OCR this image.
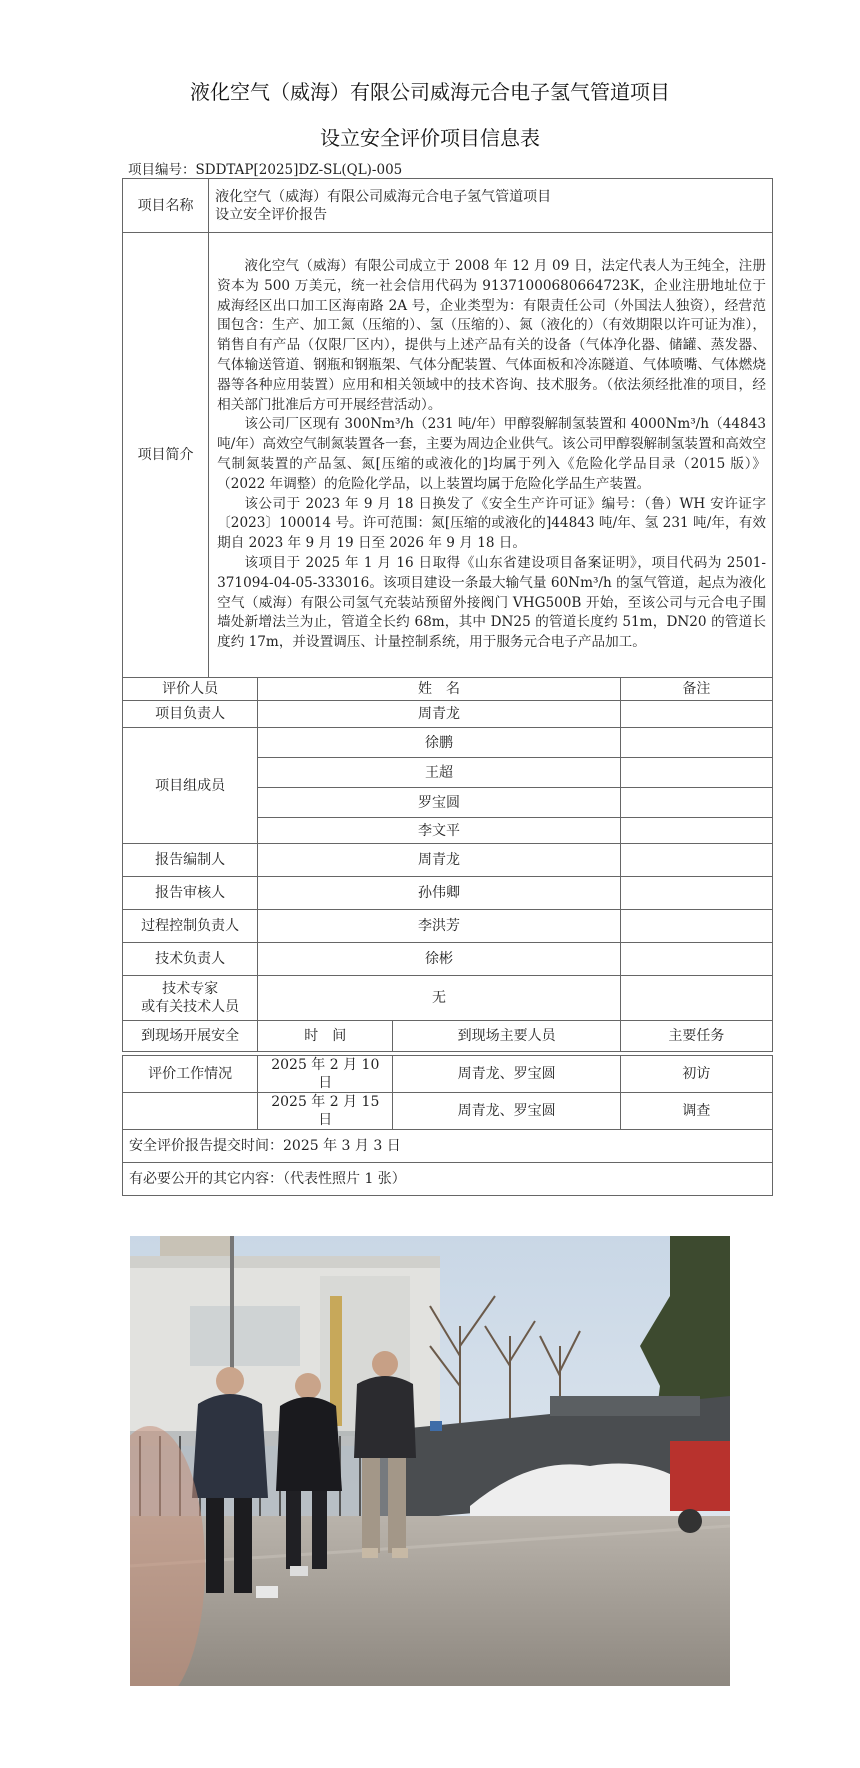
液化空气（威海）有限公司威海元合电子氢气管道项目
设立安全评价项目信息表
项目编号：SDDTAP[2025]DZ-SL(QL)-005
项目名称	液化空气（威海）有限公司威海元合电子氢气管道项目
设立安全评价报告

项目简介	液化空气（威海）有限公司成立于 2008 年 12 月 09 日，法定代表人为王纯全，注册资本为 500 万美元，统一社会信用代码为 91371000680664723K，企业注册地址位于威海经区出口加工区海南路 2A 号，企业类型为：有限责任公司（外国法人独资），经营范围包含：生产、加工氮（压缩的）、氢（压缩的）、氮（液化的）（有效期限以许可证为准），销售自有产品（仅限厂区内），提供与上述产品有关的设备（气体净化器、储罐、蒸发器、气体输送管道、钢瓶和钢瓶架、气体分配装置、气体面板和冷冻隧道、气体喷嘴、气体燃烧器等各种应用装置）应用和相关领域中的技术咨询、技术服务。（依法须经批准的项目，经相关部门批准后方可开展经营活动）。

该公司厂区现有 300Nm³/h（231 吨/年）甲醇裂解制氢装置和 4000Nm³/h（44843 吨/年）高效空气制氮装置各一套，主要为周边企业供气。该公司甲醇裂解制氢装置和高效空气制氮装置的产品氢、氮[压缩的或液化的]均属于列入《危险化学品目录（2015 版）》（2022 年调整）的危险化学品，以上装置均属于危险化学品生产装置。

该公司于 2023 年 9 月 18 日换发了《安全生产许可证》编号：（鲁）WH 安许证字〔2023〕100014 号。许可范围：氮[压缩的或液化的]44843 吨/年、氢 231 吨/年，有效期自 2023 年 9 月 19 日至 2026 年 9 月 18 日。

该项目于 2025 年 1 月 16 日取得《山东省建设项目备案证明》，项目代码为 2501-371094-04-05-333016。该项目建设一条最大输气量 60Nm³/h 的氢气管道，起点为液化空气（威海）有限公司氢气充装站预留外接阀门 VHG500B 开始，至该公司与元合电子围墙处新增法兰为止，管道全长约 68m，其中 DN25 的管道长度约 51m，DN20 的管道长度约 17m，并设置调压、计量控制系统，用于服务元合电子产品加工。

评价人员	姓　名	备注
项目负责人	周青龙	
项目组成员	徐鹏	
	王超	
	罗宝圆	
	李文平	
报告编制人	周青龙	
报告审核人	孙伟卿	
过程控制负责人	李洪芳	
技术负责人	徐彬	

技术专家
或有关技术人员	无	
到现场开展安全	时　间	到现场主要人员	主要任务
评价工作情况	2025 年 2 月 10 日	周青龙、罗宝圆	初访
	2025 年 2 月 15 日	周青龙、罗宝圆	调查
安全评价报告提交时间：2025 年 3 月 3 日			
有必要公开的其它内容：（代表性照片 1 张）			
